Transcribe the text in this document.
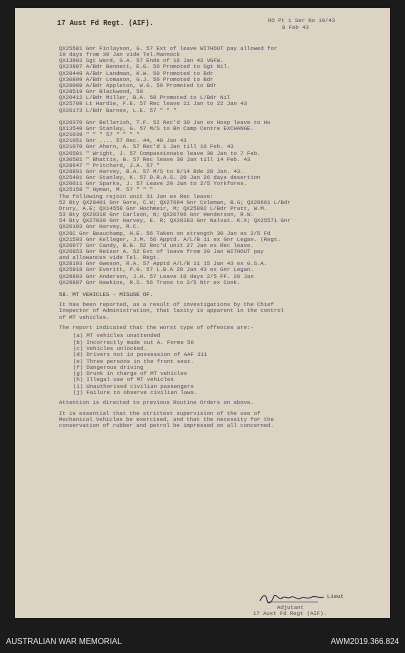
17 Aust Fd Regt. (AIF).	RO Pt 1 Ser No 10/43
8 Feb 43
QX25581 Gnr Finlayson, G. 57 Ext of leave WITHOUT pay allowed for
10 days from 30 Jan vide Tel.Mannock
QX13983 Sgt Ward, G.A. 57 Ends of 16 Jan 43 VGFW.
QX23907 A/Bdr Bennett, E.G. 50 Promoted to Sgt Nil.
QX28449 A/Bdr Landman, K.W. 50 Promoted to Bdr
QX30809 A/Bdr Lomason, G.J. 50 Promoted to Bdr
QX20008 A/Bdr Appleton, W.G. 50 Promoted to Bdr
QX28519 Gnr Blackwood, 50
QX20412 L/Bdr Miller, B.A. 50 Promoted to L/Bdr Nil
QX25708 Lt Hardie, F.E. 57 Rec leave 11 Jan to 22 Jan 43
QX20173 L/Bdr Barnes, L.E. 57 " " "
QX20370 Gnr Bellerish, T.F. 52 Rec'd 30 Jan ex Hosp leave to Ho
QX13548 Gnr Stanley, G. 57 M/S to Bn Camp Centre EXCHANGE.
QX21039 " " " 57 " " " "
QX21051 Gnr .... 57 Rec. 44, 48 Jan 43
QX21070 Gnr Ahern, A. 57 Rec'd 1 Jan till 10 Feb. 43
QX26581 " Wright, J. 57 Compassionate leave 30 Jan to 7 Feb.
QX30581 " Bhattis, B. 57 Rec leave 30 Jan till 14 Feb. 43
QX28647 " Pritchard, J.A. 57 "
QX28891 Gnr Harvey, B.A. 57 M/S to 8/14 Bde 20 Jan. 43.
QX25401 Gnr Stanley, K. 57 D.R.A.S. 20 Jan 26 days desertion
QX20011 Gnr Sparks, J. 57 Leave 20 Jan to 2/5 Yorkfores.
QX25158 " Hyman, M. 57 " " "
The following rejoin unit 31 Jan ex Rec leave:
52 Bty QX20401 Gnr Gore, C.W; QX27094 Gnr Coleman, B.G; QX28661 L/Bdr
Drury, A.E; QX14558 Gnr Hochmeir, M; QX25892 L/Bdr Pratt, W.M.
53 Bty QX20318 Gnr Carlson, N; QX20796 Gnr Henderson, R.W.
54 Bty QX27839 Gnr Harvey, E. R; QX20183 Gnr Nalvat. K.X; QX25571 Gnr
QX20103 Gnr Harvey, R.C.
QX29C Gnr Beauchamp, H.E. 56 Taken on strength 30 Jan ex 2/5 Fd
QX21593 Gnr Kelleger, J.M. 56 Apptd. A/L/B 11 ex Gnr Legan. (Regt.
QX20977 Gnr Candy, B.B. 52 Rec'd unit 27 Jan ex Rec leave.
QX20853 Gnr Reiser A. 52 Ext of leave from 30 Jan WITHOUT pay
and allowances vide Tel. Regt.
QX28193 Gnr Gweson, R.A. 57 Apptd A/L/B 11 15 Jan 43 ex G.S.A.
QX25918 Gnr Everitt, P.G. 57 L.B.A 20 Jan 43 ex Gnr Legan.
QX28893 Gnr Anderson, J.H. 57 Leave 10 days 2/5 FF. 20 Jan
QX28887 Gnr Hawkins, R.S. 56 Trans to 2/5 Ntr ex Cook.
58. MT VEHICLES - MISUSE OF.
It has been reported, as a result of investigations by the Chief
Inspector of Administration, that laxity is apparent in the control
of MT vehicles.
The report indicated that the worst type of offences are:-
(a) MT vehicles unattended
(b) Incorrectly made out A. Forms 56
(c) Vehicles unlocked.
(d) Drivers not in possession of AAF 311
(e) Three persons in the front seat.
(f) Dangerous driving
(g) Drunk in charge of MT vehicles
(h) Illegal use of MT vehicles
(i) Unauthorised civilian passengers
(j) Failure to observe civilian laws.
Attention is directed to previous Routine Orders on above.
It is essential that the strictest supervision of the use of
Mechanical Vehicles be exercised, and that the necessity for the
conservation of rubber and petrol be impressed on all concerned.
Lieut
Adjutant
17 Aust Fd Regt (AIF).
AUSTRALIAN WAR MEMORIAL	AWM2019.366.824
